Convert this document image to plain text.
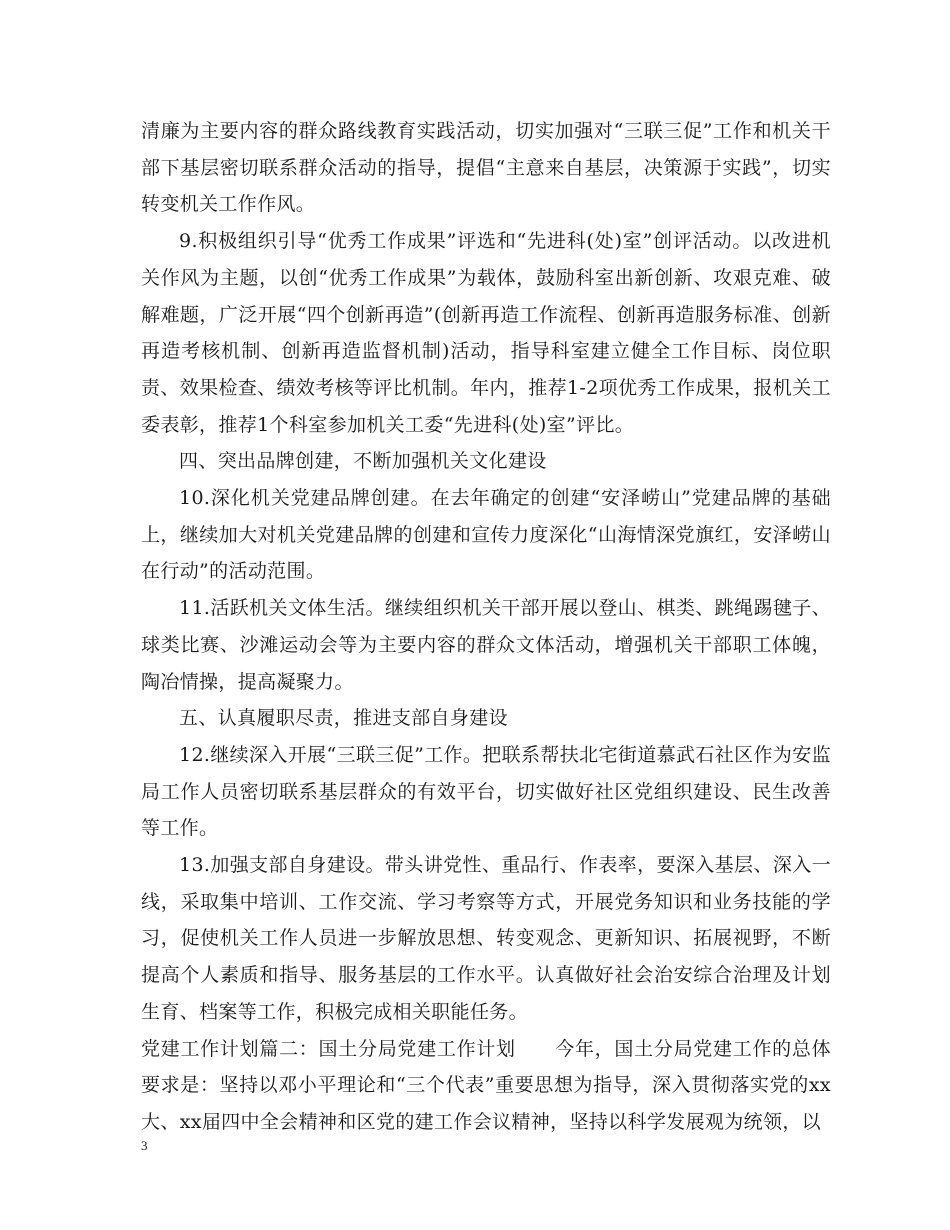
清廉为主要内容的群众路线教育实践活动，切实加强对“三联三促”工作和机关干部下基层密切联系群众活动的指导，提倡“主意来自基层，决策源于实践”，切实转变机关工作作风。

9.积极组织引导“优秀工作成果”评选和“先进科(处)室”创评活动。以改进机关作风为主题，以创“优秀工作成果”为载体，鼓励科室出新创新、攻艰克难、破解难题，广泛开展“四个创新再造”(创新再造工作流程、创新再造服务标准、创新再造考核机制、创新再造监督机制)活动，指导科室建立健全工作目标、岗位职责、效果检查、绩效考核等评比机制。年内，推荐1-2项优秀工作成果，报机关工委表彰，推荐1个科室参加机关工委“先进科(处)室”评比。

四、突出品牌创建，不断加强机关文化建设

10.深化机关党建品牌创建。在去年确定的创建“安泽崂山”党建品牌的基础上，继续加大对机关党建品牌的创建和宣传力度深化“山海情深党旗红，安泽崂山在行动”的活动范围。

11.活跃机关文体生活。继续组织机关干部开展以登山、棋类、跳绳踢毽子、球类比赛、沙滩运动会等为主要内容的群众文体活动，增强机关干部职工体魄，陶冶情操，提高凝聚力。

五、认真履职尽责，推进支部自身建设

12.继续深入开展“三联三促”工作。把联系帮扶北宅街道慕武石社区作为安监局工作人员密切联系基层群众的有效平台，切实做好社区党组织建设、民生改善等工作。

13.加强支部自身建设。带头讲党性、重品行、作表率，要深入基层、深入一线，采取集中培训、工作交流、学习考察等方式，开展党务知识和业务技能的学习，促使机关工作人员进一步解放思想、转变观念、更新知识、拓展视野，不断提高个人素质和指导、服务基层的工作水平。认真做好社会治安综合治理及计划生育、档案等工作，积极完成相关职能任务。

党建工作计划篇二：国土分局党建工作计划　　今年，国土分局党建工作的总体要求是：坚持以邓小平理论和“三个代表”重要思想为指导，深入贯彻落实党的xx大、xx届四中全会精神和区党的建工作会议精神，坚持以科学发展观为统领，以

3
